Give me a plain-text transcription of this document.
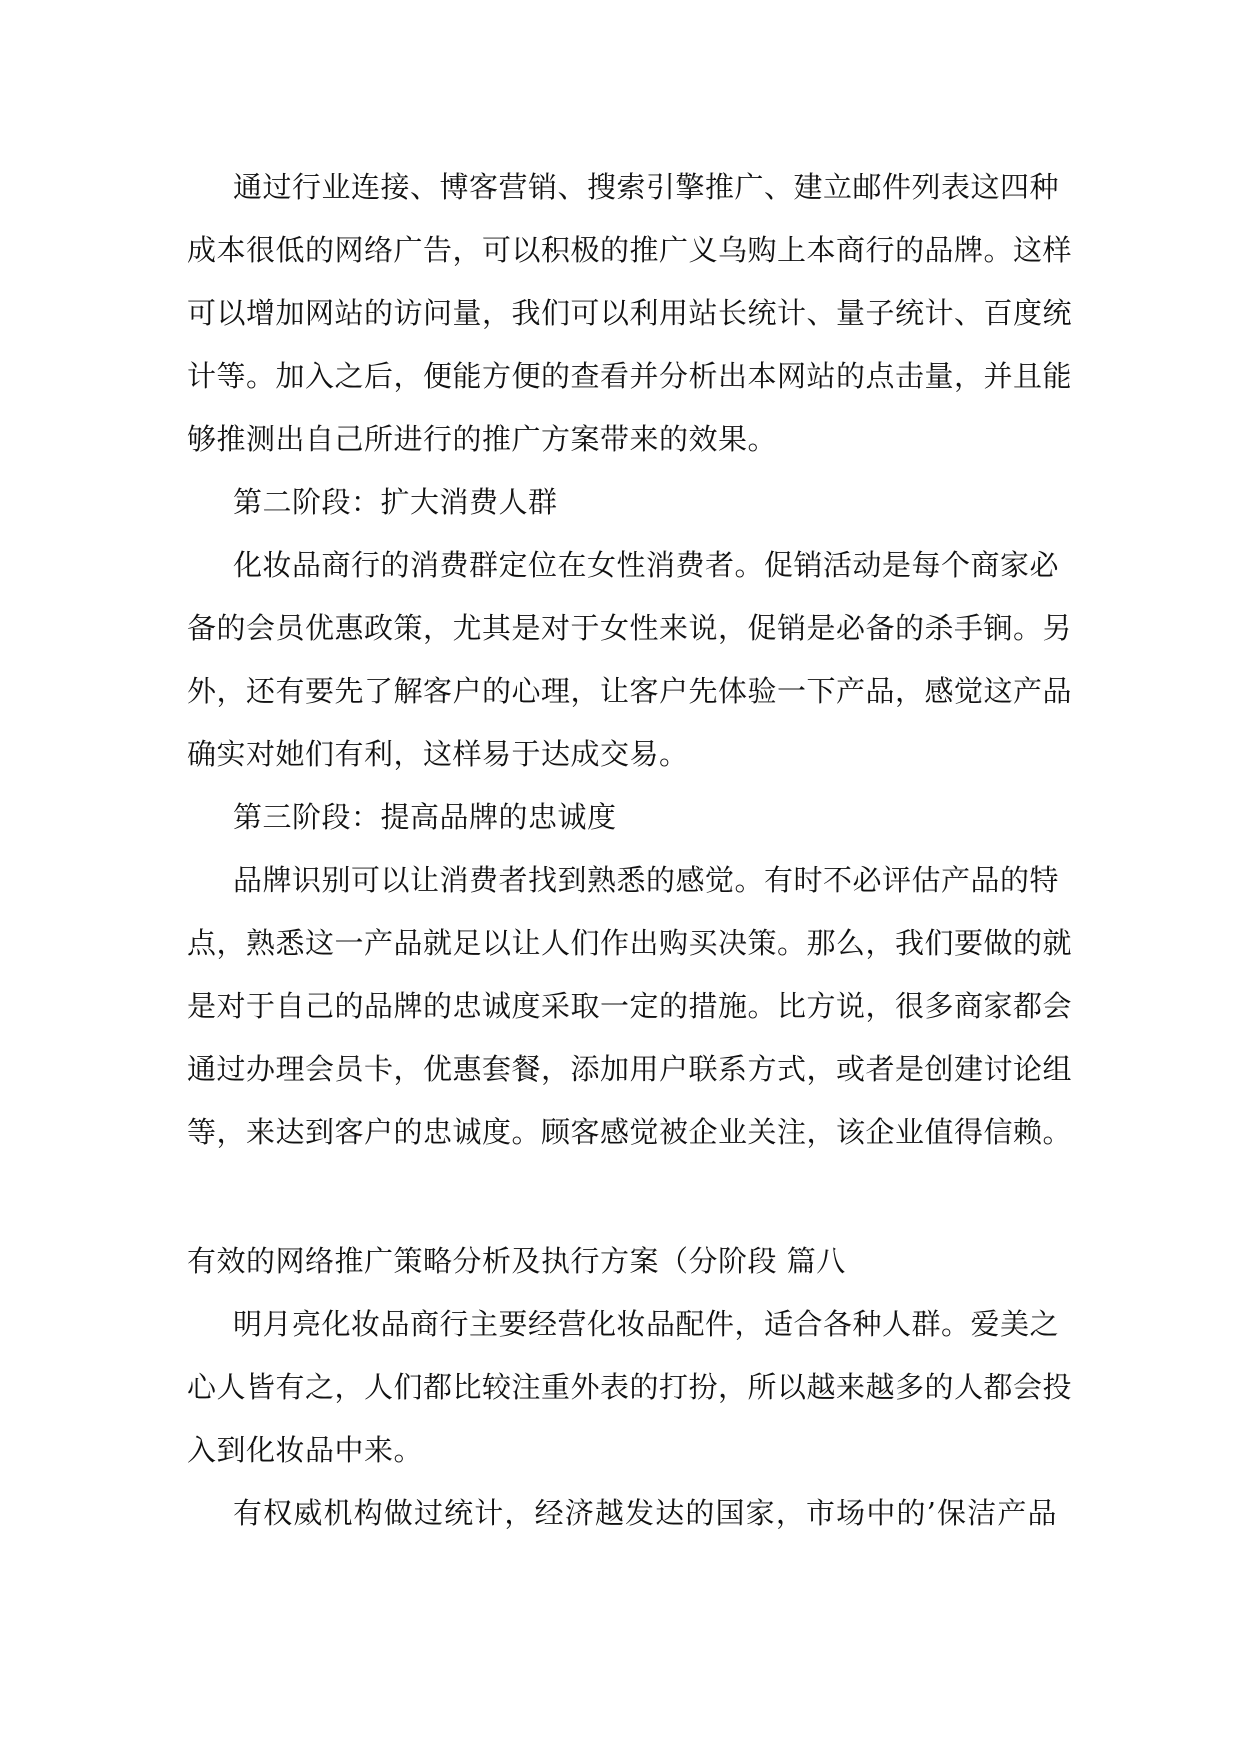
通过行业连接、博客营销、搜索引擎推广、建立邮件列表这四种
成本很低的网络广告，可以积极的推广义乌购上本商行的品牌。这样
可以增加网站的访问量，我们可以利用站长统计、量子统计、百度统
计等。加入之后，便能方便的查看并分析出本网站的点击量，并且能
够推测出自己所进行的推广方案带来的效果。
第二阶段：扩大消费人群
化妆品商行的消费群定位在女性消费者。促销活动是每个商家必
备的会员优惠政策，尤其是对于女性来说，促销是必备的杀手锏。另
外，还有要先了解客户的心理，让客户先体验一下产品，感觉这产品
确实对她们有利，这样易于达成交易。
第三阶段：提高品牌的忠诚度
品牌识别可以让消费者找到熟悉的感觉。有时不必评估产品的特
点，熟悉这一产品就足以让人们作出购买决策。那么，我们要做的就
是对于自己的品牌的忠诚度采取一定的措施。比方说，很多商家都会
通过办理会员卡，优惠套餐，添加用户联系方式，或者是创建讨论组
等，来达到客户的忠诚度。顾客感觉被企业关注，该企业值得信赖。
有效的网络推广策略分析及执行方案（分阶段 篇八
明月亮化妆品商行主要经营化妆品配件，适合各种人群。爱美之
心人皆有之，人们都比较注重外表的打扮，所以越来越多的人都会投
入到化妆品中来。
有权威机构做过统计，经济越发达的国家，市场中的’保洁产品
